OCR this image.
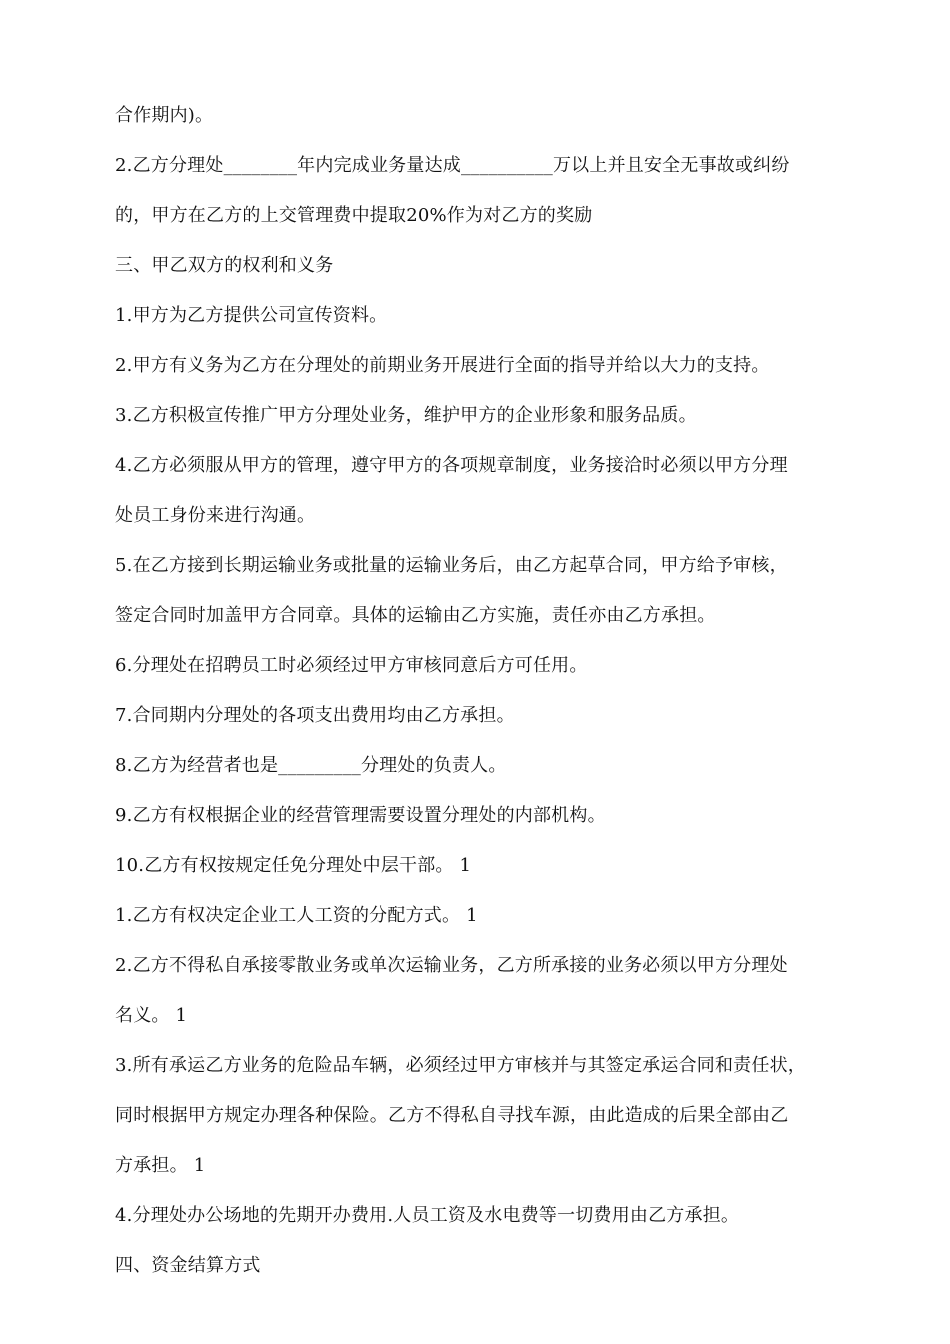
合作期内)。
2.乙方分理处________年内完成业务量达成__________万以上并且安全无事故或纠纷
的，甲方在乙方的上交管理费中提取20%作为对乙方的奖励
三、甲乙双方的权利和义务
1.甲方为乙方提供公司宣传资料。
2.甲方有义务为乙方在分理处的前期业务开展进行全面的指导并给以大力的支持。
3.乙方积极宣传推广甲方分理处业务，维护甲方的企业形象和服务品质。
4.乙方必须服从甲方的管理，遵守甲方的各项规章制度，业务接洽时必须以甲方分理
处员工身份来进行沟通。
5.在乙方接到长期运输业务或批量的运输业务后，由乙方起草合同，甲方给予审核，
签定合同时加盖甲方合同章。具体的运输由乙方实施，责任亦由乙方承担。
6.分理处在招聘员工时必须经过甲方审核同意后方可任用。
7.合同期内分理处的各项支出费用均由乙方承担。
8.乙方为经营者也是_________分理处的负责人。
9.乙方有权根据企业的经营管理需要设置分理处的内部机构。
10.乙方有权按规定任免分理处中层干部。 1
1.乙方有权决定企业工人工资的分配方式。 1
2.乙方不得私自承接零散业务或单次运输业务，乙方所承接的业务必须以甲方分理处
名义。 1
3.所有承运乙方业务的危险品车辆，必须经过甲方审核并与其签定承运合同和责任状，
同时根据甲方规定办理各种保险。乙方不得私自寻找车源，由此造成的后果全部由乙
方承担。 1
4.分理处办公场地的先期开办费用.人员工资及水电费等一切费用由乙方承担。
四、资金结算方式
